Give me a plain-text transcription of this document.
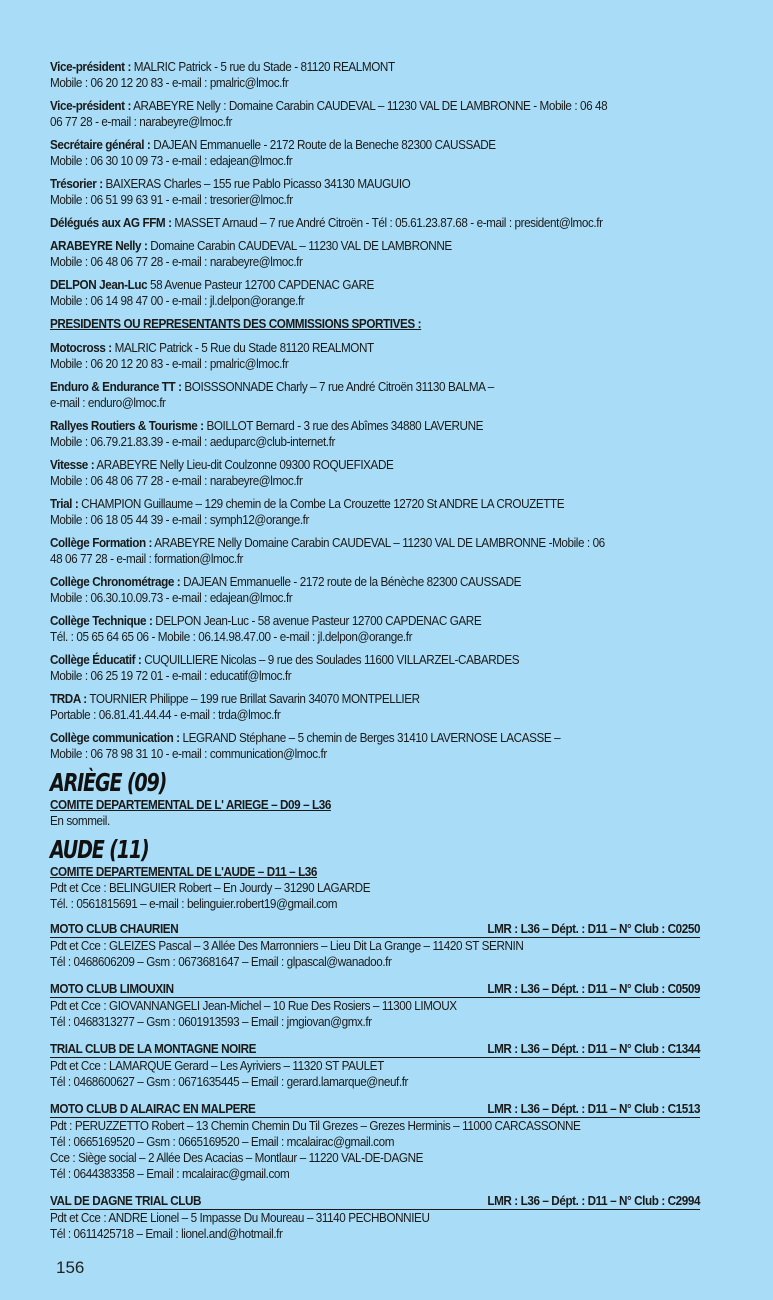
Vice-président : MALRIC Patrick - 5 rue du Stade - 81120 REALMONT
Mobile : 06 20 12 20 83 - e-mail : pmalric@lmoc.fr
Vice-président : ARABEYRE Nelly : Domaine Carabin CAUDEVAL – 11230 VAL DE LAMBRONNE - Mobile : 06 48
06 77 28 - e-mail : narabeyre@lmoc.fr
Secrétaire général : DAJEAN Emmanuelle - 2172 Route de la Beneche 82300 CAUSSADE
Mobile : 06 30 10 09 73 - e-mail : edajean@lmoc.fr
Trésorier : BAIXERAS Charles – 155 rue Pablo Picasso 34130 MAUGUIO
Mobile : 06 51 99 63 91 - e-mail : tresorier@lmoc.fr
Délégués aux AG FFM : MASSET Arnaud – 7 rue André Citroën - Tél : 05.61.23.87.68 - e-mail : president@lmoc.fr
ARABEYRE Nelly : Domaine Carabin CAUDEVAL – 11230 VAL DE LAMBRONNE
Mobile : 06 48 06 77 28 - e-mail : narabeyre@lmoc.fr
DELPON Jean-Luc 58 Avenue Pasteur 12700 CAPDENAC GARE
Mobile : 06 14 98 47 00 - e-mail : jl.delpon@orange.fr
PRESIDENTS OU REPRESENTANTS DES COMMISSIONS SPORTIVES :
Motocross : MALRIC Patrick - 5 Rue du Stade 81120 REALMONT
Mobile : 06 20 12 20 83 - e-mail : pmalric@lmoc.fr
Enduro & Endurance TT : BOISSSONNADE Charly – 7 rue André Citroën 31130 BALMA –
e-mail : enduro@lmoc.fr
Rallyes Routiers & Tourisme : BOILLOT Bernard - 3 rue des Abîmes 34880 LAVERUNE
Mobile : 06.79.21.83.39 - e-mail : aeduparc@club-internet.fr
Vitesse : ARABEYRE Nelly Lieu-dit Coulzonne 09300 ROQUEFIXADE
Mobile : 06 48 06 77 28 - e-mail : narabeyre@lmoc.fr
Trial : CHAMPION Guillaume – 129 chemin de la Combe La Crouzette 12720 St ANDRE LA CROUZETTE
Mobile : 06 18 05 44 39 - e-mail : symph12@orange.fr
Collège Formation : ARABEYRE Nelly Domaine Carabin CAUDEVAL – 11230 VAL DE LAMBRONNE -Mobile : 06
48 06 77 28 - e-mail : formation@lmoc.fr
Collège Chronométrage : DAJEAN Emmanuelle - 2172 route de la Bénèche 82300 CAUSSADE
Mobile : 06.30.10.09.73 - e-mail : edajean@lmoc.fr
Collège Technique : DELPON Jean-Luc - 58 avenue Pasteur 12700 CAPDENAC GARE
Tél. : 05 65 64 65 06 - Mobile : 06.14.98.47.00 - e-mail : jl.delpon@orange.fr
Collège Éducatif : CUQUILLIERE Nicolas – 9 rue des Soulades 11600 VILLARZEL-CABARDES
Mobile : 06 25 19 72 01 - e-mail : educatif@lmoc.fr
TRDA : TOURNIER Philippe – 199 rue Brillat Savarin 34070 MONTPELLIER
Portable : 06.81.41.44.44 - e-mail : trda@lmoc.fr
Collège communication : LEGRAND Stéphane – 5 chemin de Berges 31410 LAVERNOSE LACASSE –
Mobile : 06 78 98 31 10 - e-mail : communication@lmoc.fr
ARIÈGE (09)
COMITE DEPARTEMENTAL DE L' ARIEGE – D09 – L36
En sommeil.
AUDE (11)
COMITE DEPARTEMENTAL DE L'AUDE – D11 – L36
Pdt et Cce : BELINGUIER Robert – En Jourdy – 31290 LAGARDE
Tél. : 0561815691 – e-mail : belinguier.robert19@gmail.com
MOTO CLUB CHAURIEN	LMR : L36 – Dépt. : D11 – N° Club : C0250
Pdt et Cce : GLEIZES Pascal – 3 Allée Des Marronniers – Lieu Dit La Grange – 11420 ST SERNIN
Tél : 0468606209 – Gsm : 0673681647 – Email : glpascal@wanadoo.fr
MOTO CLUB LIMOUXIN	LMR : L36 – Dépt. : D11 – N° Club : C0509
Pdt et Cce : GIOVANNANGELI Jean-Michel – 10 Rue Des Rosiers – 11300 LIMOUX
Tél : 0468313277 – Gsm : 0601913593 – Email : jmgiovan@gmx.fr
TRIAL CLUB DE LA MONTAGNE NOIRE	LMR : L36 – Dépt. : D11 – N° Club : C1344
Pdt et Cce : LAMARQUE Gerard – Les Ayriviers – 11320 ST PAULET
Tél : 0468600627 – Gsm : 0671635445 – Email : gerard.lamarque@neuf.fr
MOTO CLUB D ALAIRAC EN MALPERE	LMR : L36 – Dépt. : D11 – N° Club : C1513
Pdt : PERUZZETTO Robert – 13 Chemin Chemin Du Til Grezes – Grezes Herminis – 11000 CARCASSONNE
Tél : 0665169520 – Gsm : 0665169520 – Email : mcalairac@gmail.com
Cce : Siège social – 2 Allée Des Acacias – Montlaur – 11220 VAL-DE-DAGNE
Tél : 0644383358 – Email : mcalairac@gmail.com
VAL DE DAGNE TRIAL CLUB	LMR : L36 – Dépt. : D11 – N° Club : C2994
Pdt et Cce : ANDRE Lionel – 5 Impasse Du Moureau – 31140 PECHBONNIEU
Tél : 0611425718 – Email : lionel.and@hotmail.fr
156
